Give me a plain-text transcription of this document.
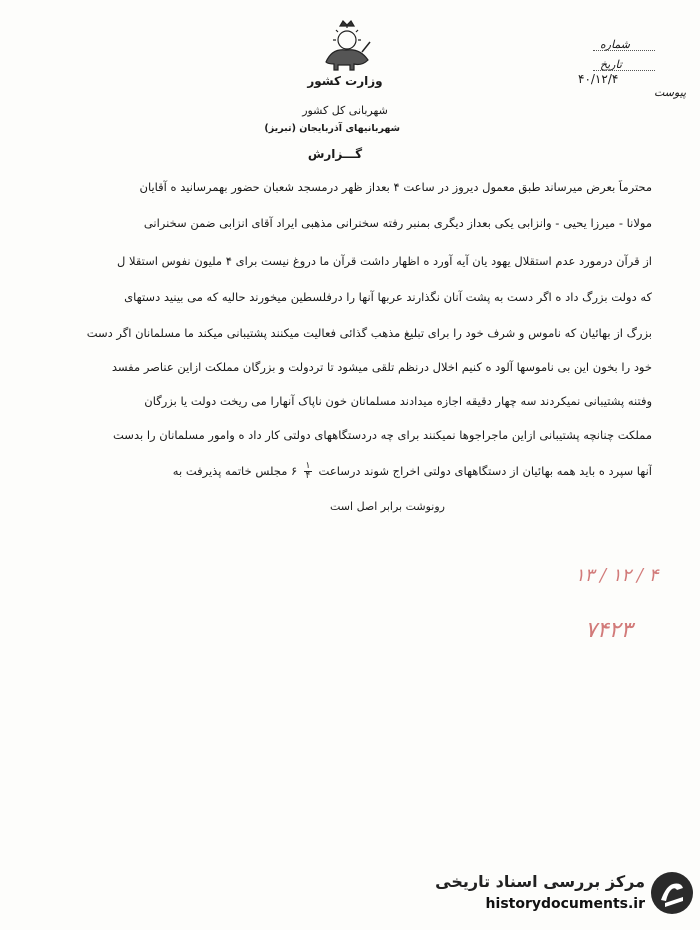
وزارت کشور
شهربانی کل کشور
شهربانیهای آذربایجان (تبریز)
گـــزارش
شماره
تاریخ
۴۰/۱۲/۴
پیوست
محترماً بعرض میرساند طبق معمول دیروز در ساعت ۴ بعداز ظهر درمسجد شعبان حضور بهمرسانید ه آقایان
مولانا - میرزا یحیی - وانزابی یکی بعداز دیگری بمنبر رفته سخنرانی مذهبی ایراد آقای انزابی ضمن سخنرانی
از قرآن درمورد عدم استقلال یهود یان آیه آورد ه اظهار داشت قرآن ما دروغ نیست برای ۴ ملیون نفوس استقلا ل
که دولت بزرگ داد ه اگر دست به پشت آنان نگذارند عربها آنها را درفلسطین میخورند حالیه که می بینید دستهای
بزرگ از بهائیان که ناموس و شرف خود را برای تبلیغ مذهب گذائی فعالیت میکنند پشتیبانی میکند ما مسلمانان اگر دست
خود را بخون این بی ناموسها آلود ه کنیم اخلال درنظم تلقی میشود تا تردولت و بزرگان مملکت ازاین عناصر مفسد
وفتنه پشتیبانی نمیکردند سه چهار دقیقه اجازه میدادند مسلمانان خون ناپاک آنهارا می ریخت دولت یا بزرگان
مملکت چنانچه پشتیبانی ازاین ماجراجوها نمیکنند برای چه دردستگاههای دولتی کار داد ه وامور مسلمانان را بدست
آنها سپرد ه باید همه بهائیان از دستگاههای دولتی اخراج شوند درساعت
$\frac{۱}{۴}$
۶ مجلس خاتمه پذیرفت به
رونوشت برابر اصل است
۱۳ / ۱۲ / ۴
۷۴۲۳
مرکز بررسی اسناد تاریخی
historydocuments.ir
